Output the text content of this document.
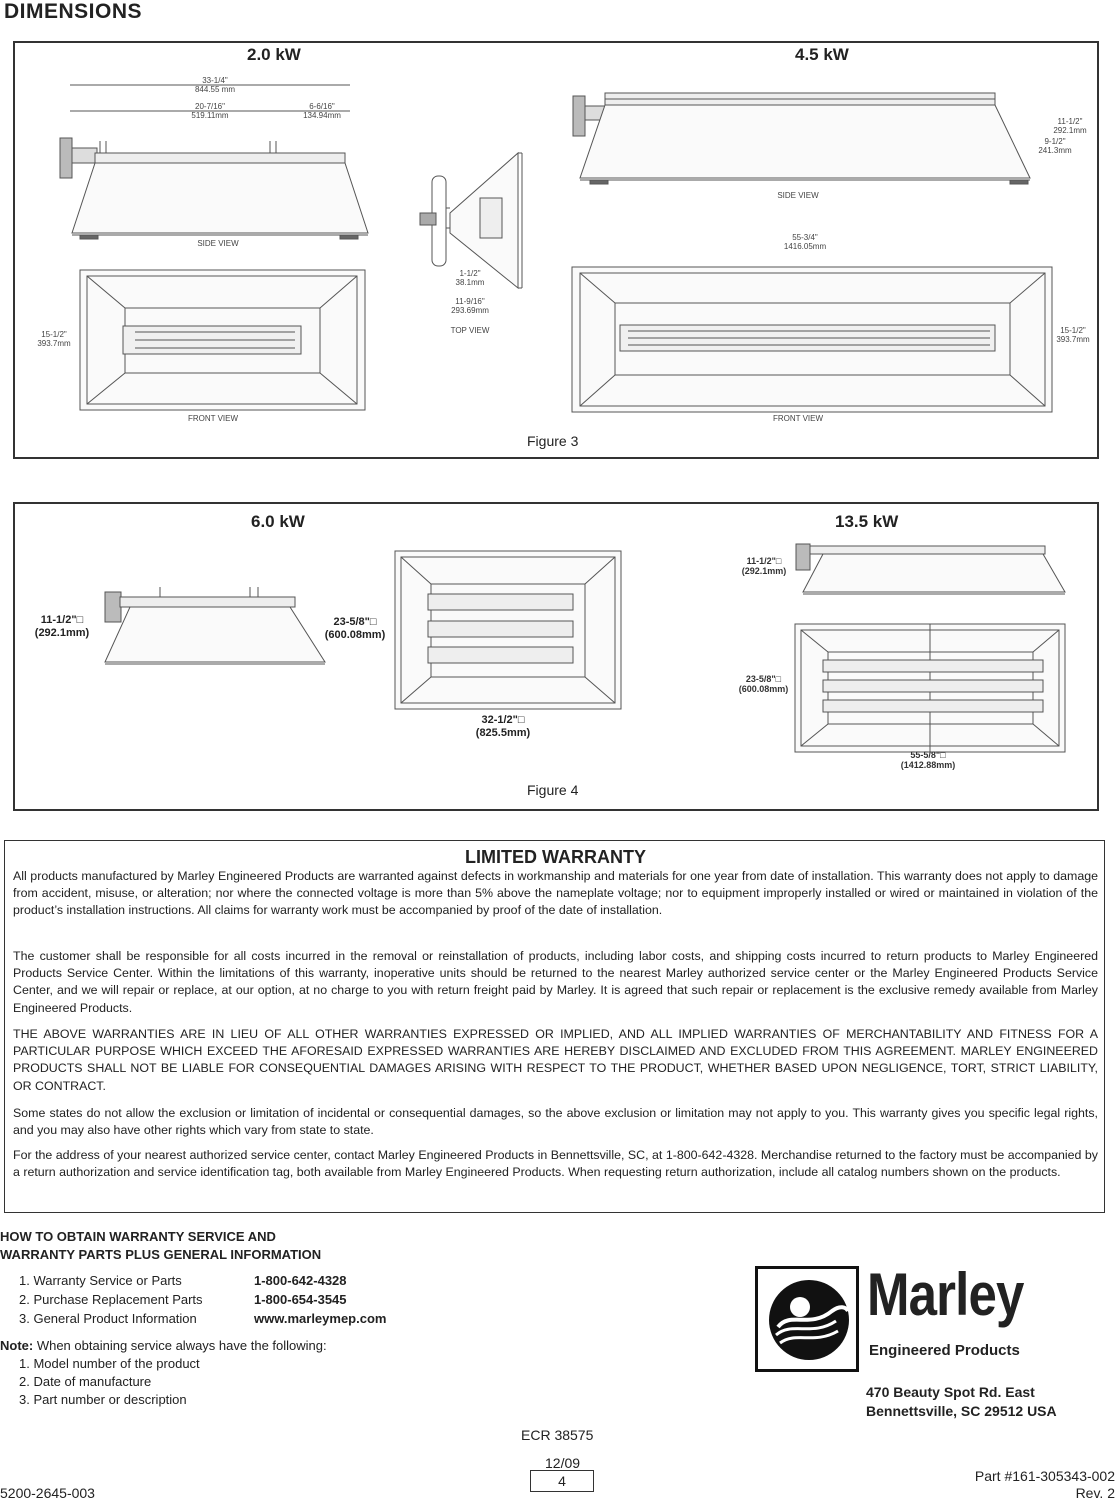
DIMENSIONS
2.0 kW	4.5 kW
33-1/4"
844.55 mm
20-7/16"
519.11mm
6-6/16"
134.94mm
SIDE VIEW
15-1/2"
393.7mm
FRONT VIEW
1-1/2"
38.1mm
11-9/16"
293.69mm
TOP VIEW
11-1/2"
292.1mm
9-1/2"
241.3mm
SIDE VIEW
55-3/4"
1416.05mm
15-1/2"
393.7mm
FRONT VIEW
Figure 3
6.0 kW	13.5 kW
11-1/2"□
(292.1mm)
23-5/8"□
(600.08mm)
32-1/2"□
(825.5mm)
11-1/2"□
(292.1mm)
23-5/8"□
(600.08mm)
55-5/8"□
(1412.88mm)
Figure 4
LIMITED WARRANTY
All products manufactured by Marley Engineered Products are warranted against defects in workmanship and materials for one year from date of installation. This warranty does not apply to damage from accident, misuse, or alteration; nor where the connected voltage is more than 5% above the nameplate voltage; nor to equipment improperly installed or wired or maintained in violation of the product’s installation instructions. All claims for warranty work must be accompanied by proof of the date of installation.
The customer shall be responsible for all costs incurred in the removal or reinstallation of products, including labor costs, and shipping costs incurred to return products to Marley Engineered Products Service Center. Within the limitations of this warranty, inoperative units should be returned to the nearest Marley authorized service center or the Marley Engineered Products Service Center, and we will repair or replace, at our option, at no charge to you with return freight paid by Marley. It is agreed that such repair or replacement is the exclusive remedy available from Marley Engineered Products.
THE ABOVE WARRANTIES ARE IN LIEU OF ALL OTHER WARRANTIES EXPRESSED OR IMPLIED, AND ALL IMPLIED WARRANTIES OF MERCHANTABILITY AND FITNESS FOR A PARTICULAR PURPOSE WHICH EXCEED THE AFORESAID EXPRESSED WARRANTIES ARE HEREBY DISCLAIMED AND EXCLUDED FROM THIS AGREEMENT. MARLEY ENGINEERED PRODUCTS SHALL NOT BE LIABLE FOR CONSEQUENTIAL DAMAGES ARISING WITH RESPECT TO THE PRODUCT, WHETHER BASED UPON NEGLIGENCE, TORT, STRICT LIABILITY, OR CONTRACT.
Some states do not allow the exclusion or limitation of incidental or consequential damages, so the above exclusion or limitation may not apply to you. This warranty gives you specific legal rights, and you may also have other rights which vary from state to state.
For the address of your nearest authorized service center, contact Marley Engineered Products in Bennettsville, SC, at 1-800-642-4328. Merchandise returned to the factory must be accompanied by a return authorization and service identification tag, both available from Marley Engineered Products. When requesting return authorization, include all catalog numbers shown on the products.
HOW TO OBTAIN WARRANTY SERVICE AND
WARRANTY PARTS PLUS GENERAL INFORMATION
1. Warranty Service or Parts	1-800-642-4328
2. Purchase Replacement Parts	1-800-654-3545
3. General Product Information	www.marleymep.com
Note: When obtaining service always have the following:
1. Model number of the product
2. Date of manufacture
3. Part number or description
Marley
Engineered Products
470 Beauty Spot Rd. East
Bennettsville, SC 29512 USA
ECR 38575
12/09
4
5200-2645-003
Part #161-305343-002
Rev. 2
